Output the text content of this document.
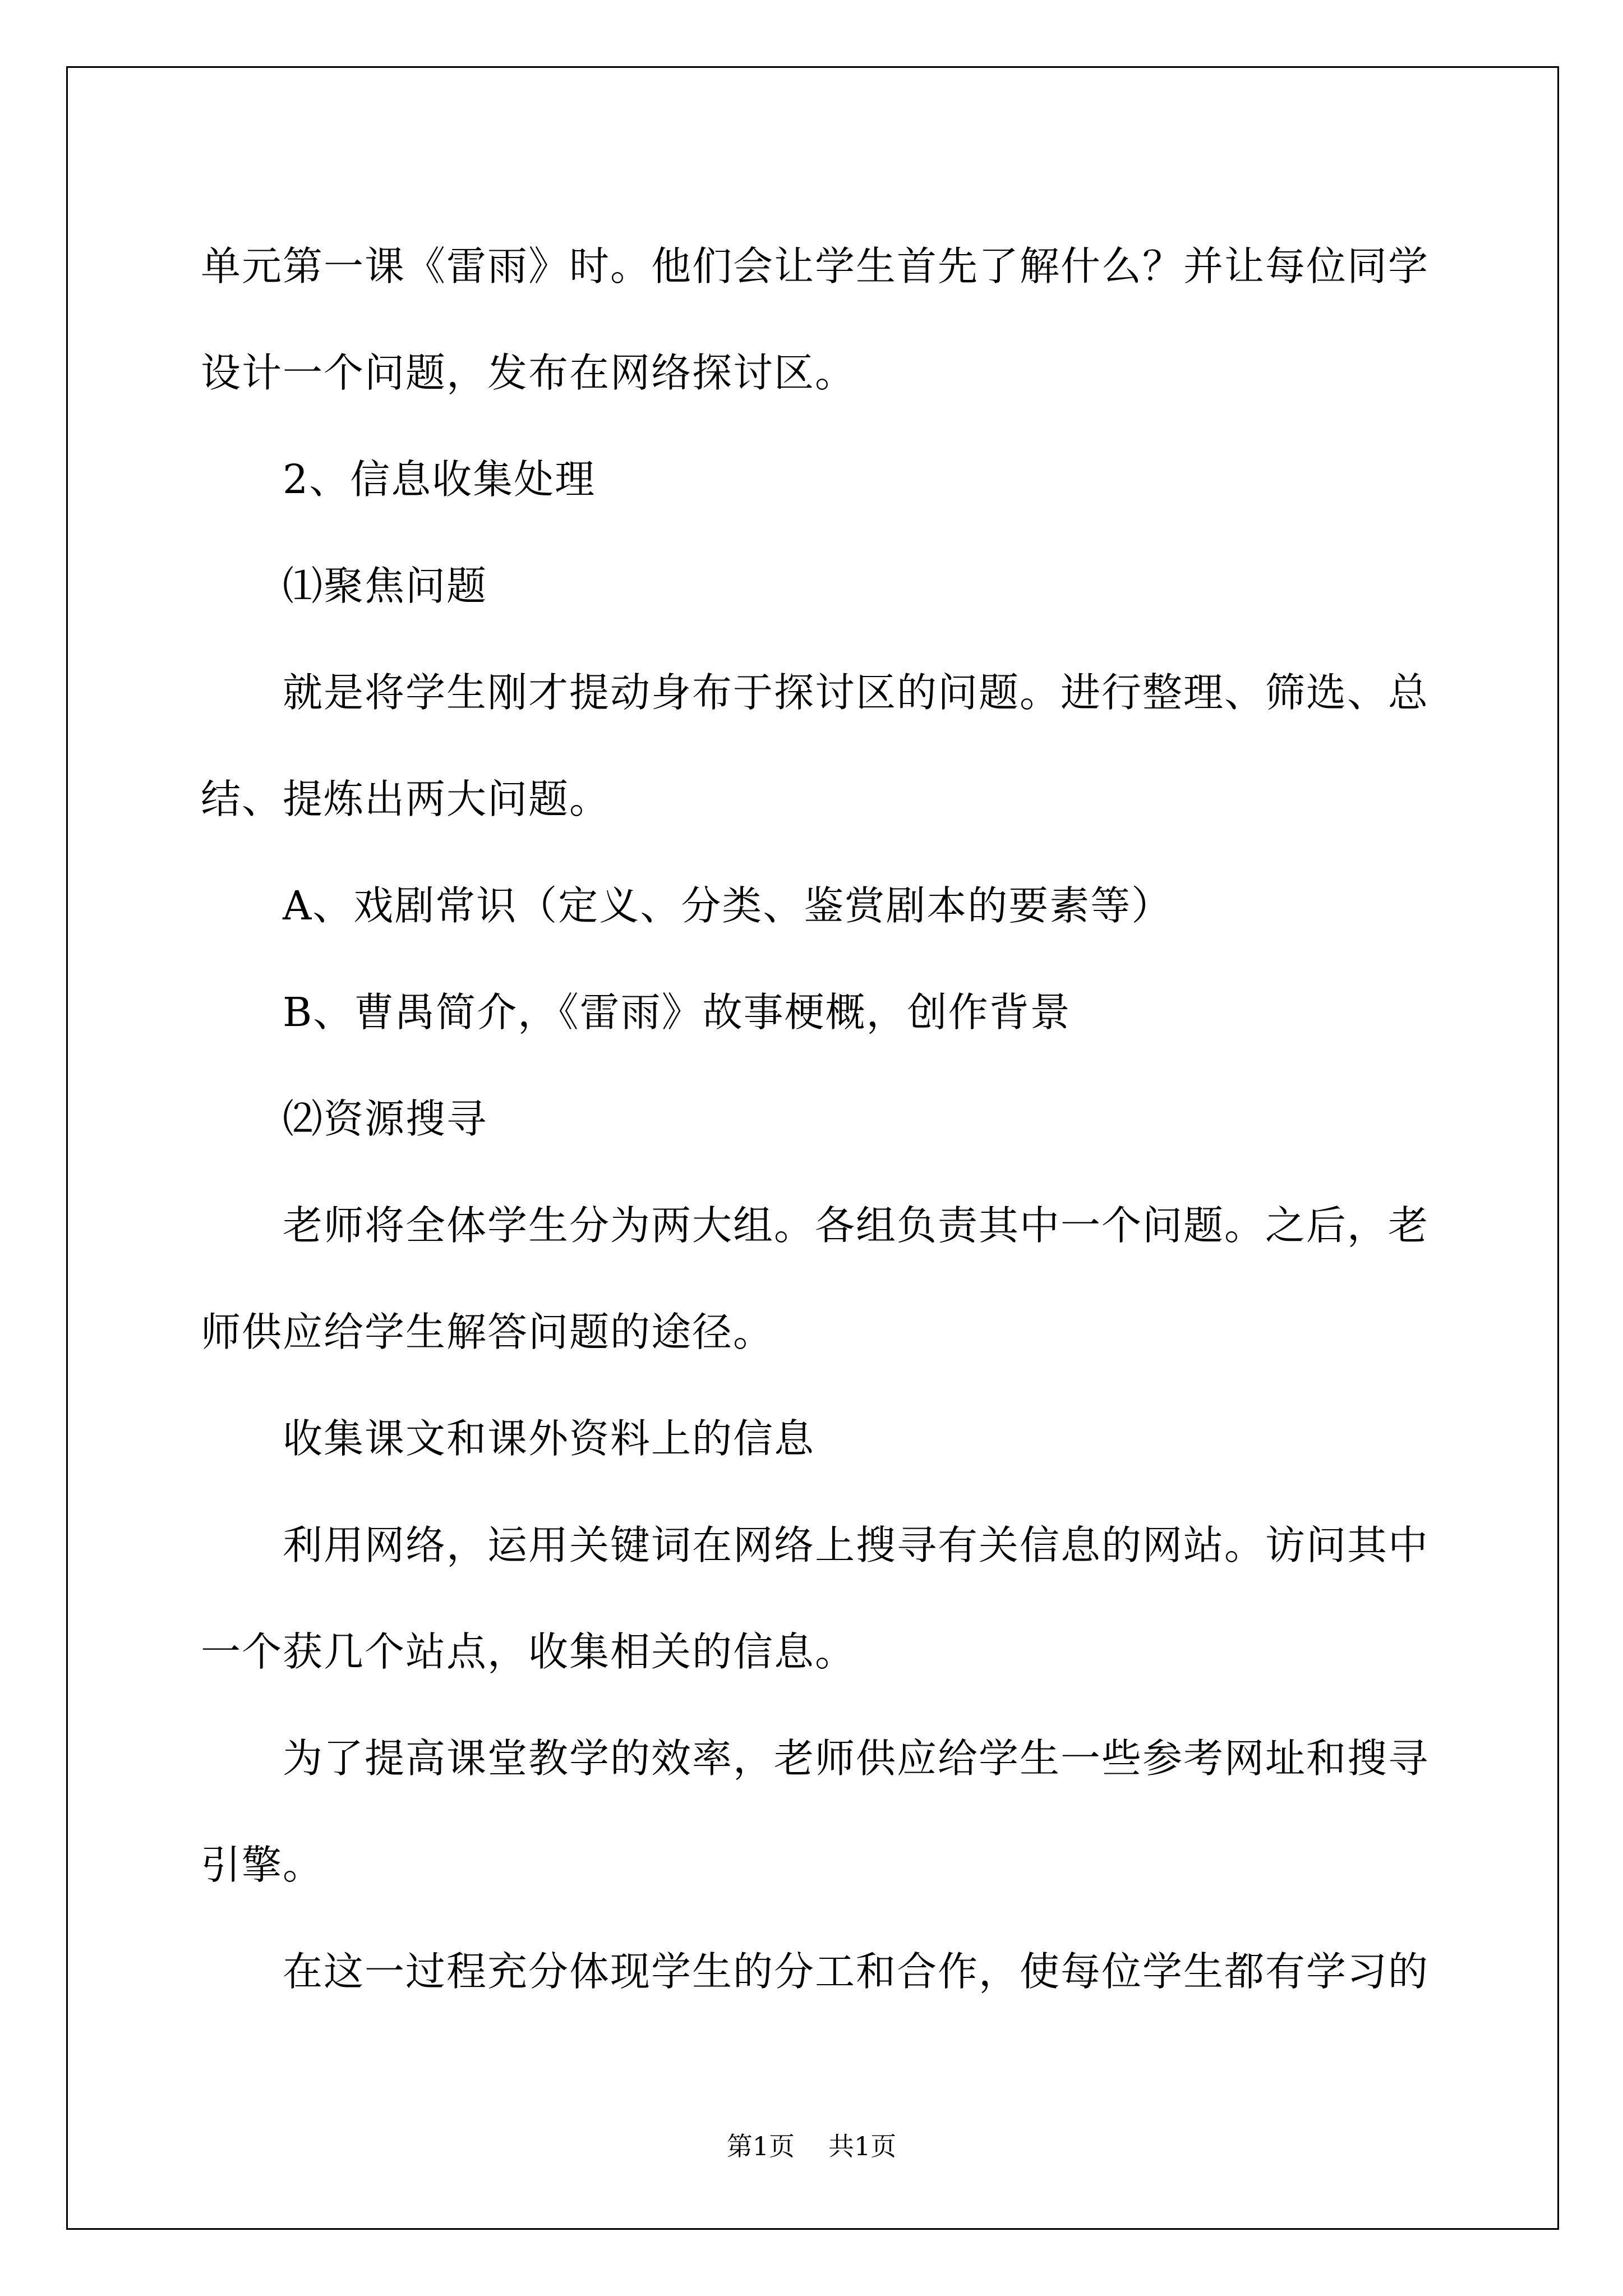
单元第一课《雷雨》时。他们会让学生首先了解什么？并让每位同学设计一个问题，发布在网络探讨区。

2、信息收集处理

⑴聚焦问题

就是将学生刚才提动身布于探讨区的问题。进行整理、筛选、总结、提炼出两大问题。

A、戏剧常识（定义、分类、鉴赏剧本的要素等）

B、曹禺简介，《雷雨》故事梗概，创作背景

⑵资源搜寻

老师将全体学生分为两大组。各组负责其中一个问题。之后，老师供应给学生解答问题的途径。

收集课文和课外资料上的信息

利用网络，运用关键词在网络上搜寻有关信息的网站。访问其中一个获几个站点，收集相关的信息。

为了提高课堂教学的效率，老师供应给学生一些参考网址和搜寻引擎。

在这一过程充分体现学生的分工和合作，使每位学生都有学习的

第1页 共1页
